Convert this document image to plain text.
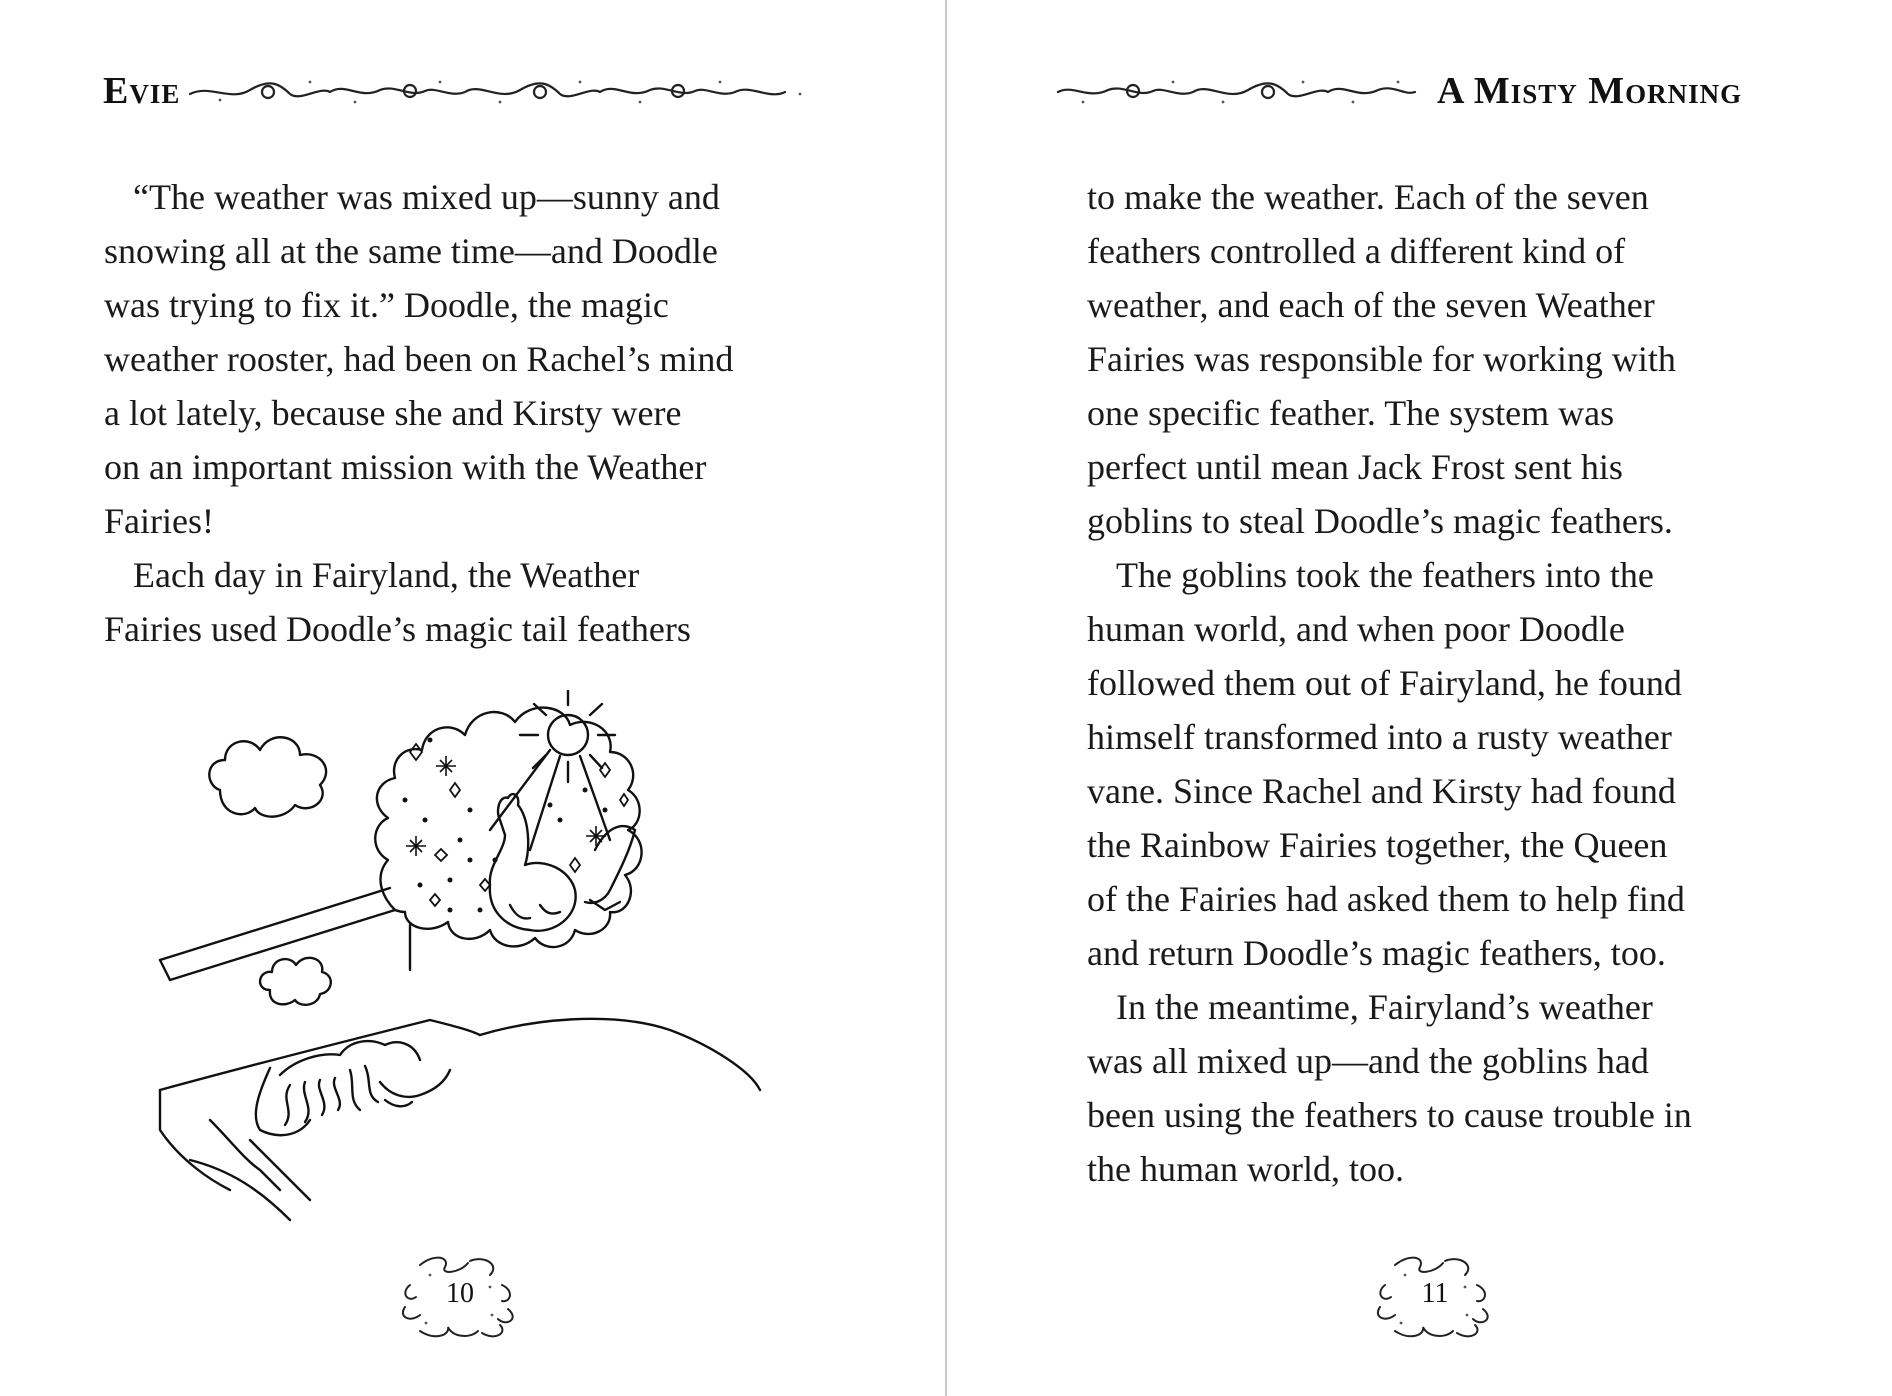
Evie

“The weather was mixed up—sunny and

snowing all at the same time—and Doodle
was trying to fix it.” Doodle, the magic
weather rooster, had been on Rachel’s mind
a lot lately, because she and Kirsty were
on an important mission with the Weather
Fairies!

Each day in Fairyland, the Weather

Fairies used Doodle’s magic tail feathers

10
A Misty Morning

to make the weather. Each of the seven
feathers controlled a different kind of
weather, and each of the seven Weather
Fairies was responsible for working with
one specific feather. The system was
perfect until mean Jack Frost sent his
goblins to steal Doodle’s magic feathers.

The goblins took the feathers into the

human world, and when poor Doodle
followed them out of Fairyland, he found
himself transformed into a rusty weather
vane. Since Rachel and Kirsty had found
the Rainbow Fairies together, the Queen
of the Fairies had asked them to help find
and return Doodle’s magic feathers, too.

In the meantime, Fairyland’s weather

was all mixed up—and the goblins had
been using the feathers to cause trouble in
the human world, too.

11
